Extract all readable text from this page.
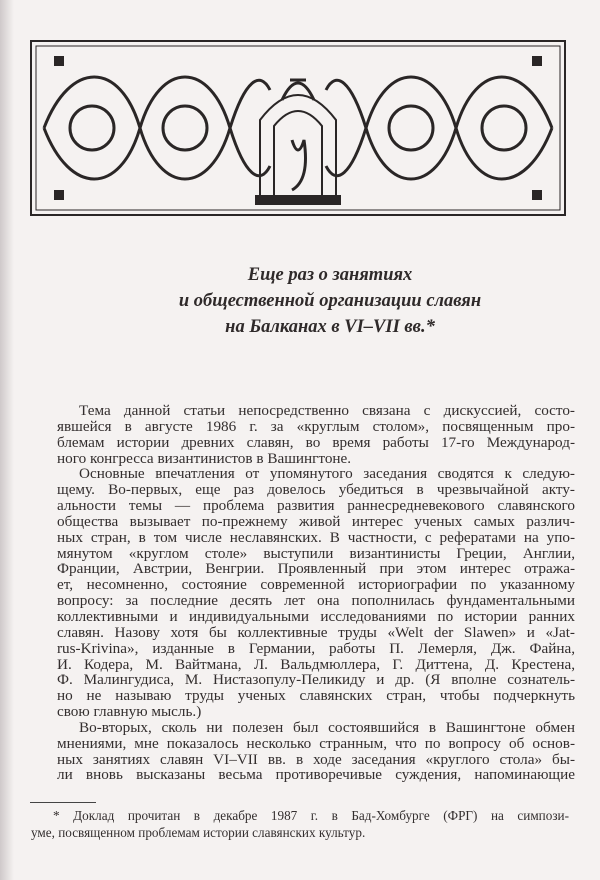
Еще раз о занятиях
и общественной организации славян
на Балканах в VI–VII вв.*
Тема данной статьи непосредственно связана с дискуссией, состо-
явшейся в августе 1986 г. за «круглым столом», посвященным про-
блемам истории древних славян, во время работы 17-го Международ-
ного конгресса византинистов в Вашингтоне.
Основные впечатления от упомянутого заседания сводятся к следую-
щему. Во-первых, еще раз довелось убедиться в чрезвычайной акту-
альности темы — проблема развития раннесредневекового славянского
общества вызывает по-прежнему живой интерес ученых самых различ-
ных стран, в том числе неславянских. В частности, с рефератами на упо-
мянутом «круглом столе» выступили византинисты Греции, Англии,
Франции, Австрии, Венгрии. Проявленный при этом интерес отража-
ет, несомненно, состояние современной историографии по указанному
вопросу: за последние десять лет она пополнилась фундаментальными
коллективными и индивидуальными исследованиями по истории ранних
славян. Назову хотя бы коллективные труды «Welt der Slawen» и «Jat-
rus-Krivina», изданные в Германии, работы П. Лемерля, Дж. Файна,
И. Кодера, М. Вайтмана, Л. Вальдмюллера, Г. Диттена, Д. Крестена,
Ф. Малингудиса, М. Нистазопулу-Пеликиду и др. (Я вполне сознатель-
но не называю труды ученых славянских стран, чтобы подчеркнуть
свою главную мысль.)
Во-вторых, сколь ни полезен был состоявшийся в Вашингтоне обмен
мнениями, мне показалось несколько странным, что по вопросу об основ-
ных занятиях славян VI–VII вв. в ходе заседания «круглого стола» бы-
ли вновь высказаны весьма противоречивые суждения, напоминающие
* Доклад прочитан в декабре 1987 г. в Бад-Хомбурге (ФРГ) на симпози-
уме, посвященном проблемам истории славянских культур.
